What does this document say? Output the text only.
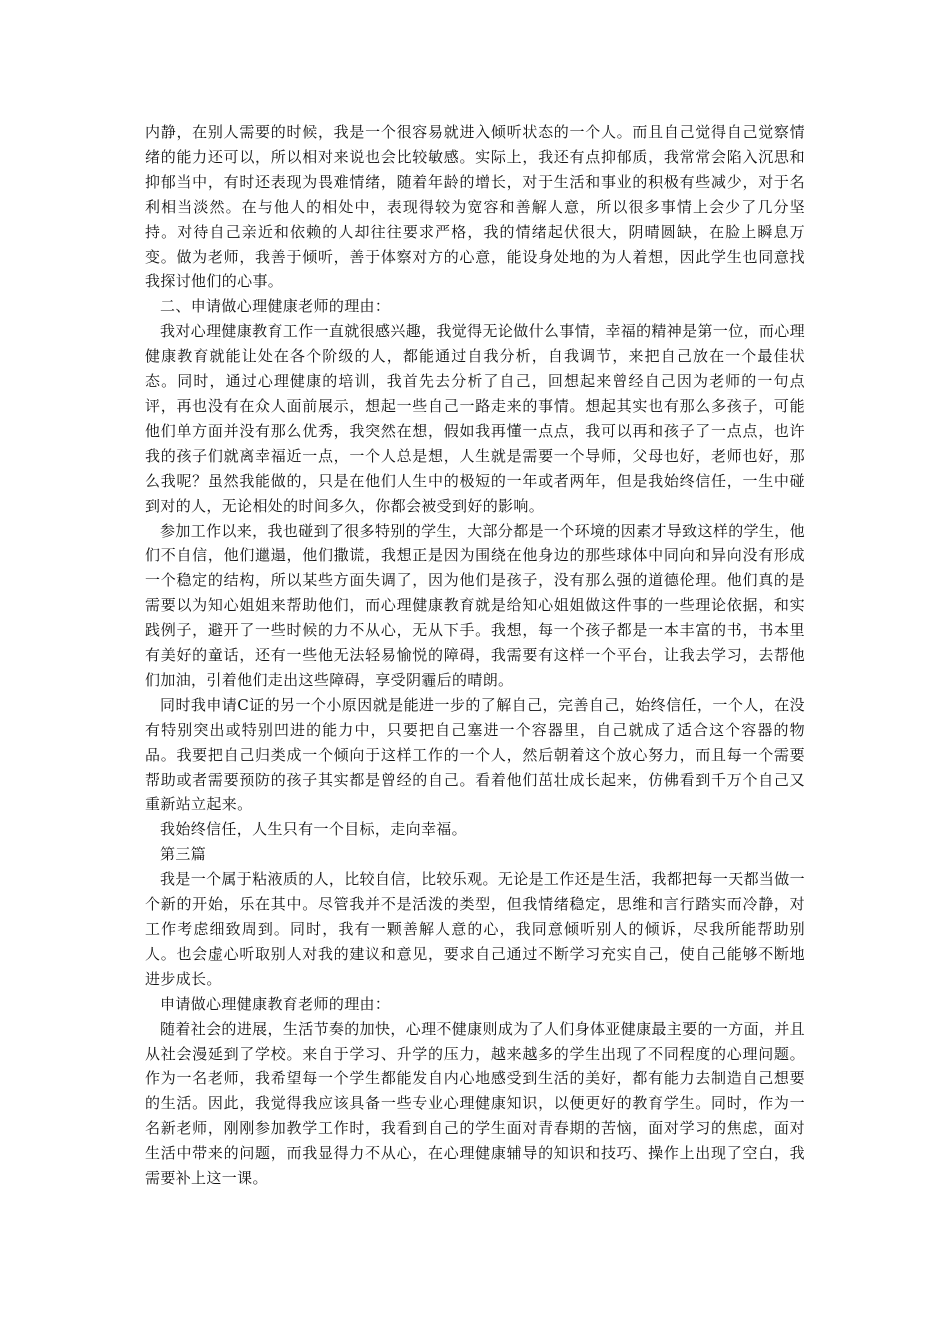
内静，在别人需要的时候，我是一个很容易就进入倾听状态的一个人。而且自己觉得自己觉察情绪的能力还可以，所以相对来说也会比较敏感。实际上，我还有点抑郁质，我常常会陷入沉思和抑郁当中，有时还表现为畏难情绪，随着年龄的增长，对于生活和事业的积极有些减少，对于名利相当淡然。在与他人的相处中，表现得较为宽容和善解人意，所以很多事情上会少了几分坚持。对待自己亲近和依赖的人却往往要求严格，我的情绪起伏很大，阴晴圆缺，在脸上瞬息万变。做为老师，我善于倾听，善于体察对方的心意，能设身处地的为人着想，因此学生也同意找我探讨他们的心事。

二、申请做心理健康老师的理由：

我对心理健康教育工作一直就很感兴趣，我觉得无论做什么事情，幸福的精神是第一位，而心理健康教育就能让处在各个阶级的人，都能通过自我分析，自我调节，来把自己放在一个最佳状态。同时，通过心理健康的培训，我首先去分析了自己，回想起来曾经自己因为老师的一句点评，再也没有在众人面前展示，想起一些自己一路走来的事情。想起其实也有那么多孩子，可能他们单方面并没有那么优秀，我突然在想，假如我再懂一点点，我可以再和孩子了一点点，也许我的孩子们就离幸福近一点，一个人总是想，人生就是需要一个导师，父母也好，老师也好，那么我呢？虽然我能做的，只是在他们人生中的极短的一年或者两年，但是我始终信任，一生中碰到对的人，无论相处的时间多久，你都会被受到好的影响。

参加工作以来，我也碰到了很多特别的学生，大部分都是一个环境的因素才导致这样的学生，他们不自信，他们邋遢，他们撒谎，我想正是因为围绕在他身边的那些球体中同向和异向没有形成一个稳定的结构，所以某些方面失调了，因为他们是孩子，没有那么强的道德伦理。他们真的是需要以为知心姐姐来帮助他们，而心理健康教育就是给知心姐姐做这件事的一些理论依据，和实践例子，避开了一些时候的力不从心，无从下手。我想，每一个孩子都是一本丰富的书，书本里有美好的童话，还有一些他无法轻易愉悦的障碍，我需要有这样一个平台，让我去学习，去帮他们加油，引着他们走出这些障碍，享受阴霾后的晴朗。

同时我申请C证的另一个小原因就是能进一步的了解自己，完善自己，始终信任，一个人，在没有特别突出或特别凹进的能力中，只要把自己塞进一个容器里，自己就成了适合这个容器的物品。我要把自己归类成一个倾向于这样工作的一个人，然后朝着这个放心努力，而且每一个需要帮助或者需要预防的孩子其实都是曾经的自己。看着他们茁壮成长起来，仿佛看到千万个自己又重新站立起来。

我始终信任，人生只有一个目标，走向幸福。

第三篇

我是一个属于粘液质的人，比较自信，比较乐观。无论是工作还是生活，我都把每一天都当做一个新的开始，乐在其中。尽管我并不是活泼的类型，但我情绪稳定，思维和言行踏实而冷静，对工作考虑细致周到。同时，我有一颗善解人意的心，我同意倾听别人的倾诉，尽我所能帮助别人。也会虚心听取别人对我的建议和意见，要求自己通过不断学习充实自己，使自己能够不断地进步成长。

申请做心理健康教育老师的理由：

随着社会的进展，生活节奏的加快，心理不健康则成为了人们身体亚健康最主要的一方面，并且从社会漫延到了学校。来自于学习、升学的压力，越来越多的学生出现了不同程度的心理问题。作为一名老师，我希望每一个学生都能发自内心地感受到生活的美好，都有能力去制造自己想要的生活。因此，我觉得我应该具备一些专业心理健康知识，以便更好的教育学生。同时，作为一名新老师，刚刚参加教学工作时，我看到自己的学生面对青春期的苦恼，面对学习的焦虑，面对生活中带来的问题，而我显得力不从心，在心理健康辅导的知识和技巧、操作上出现了空白，我需要补上这一课。
